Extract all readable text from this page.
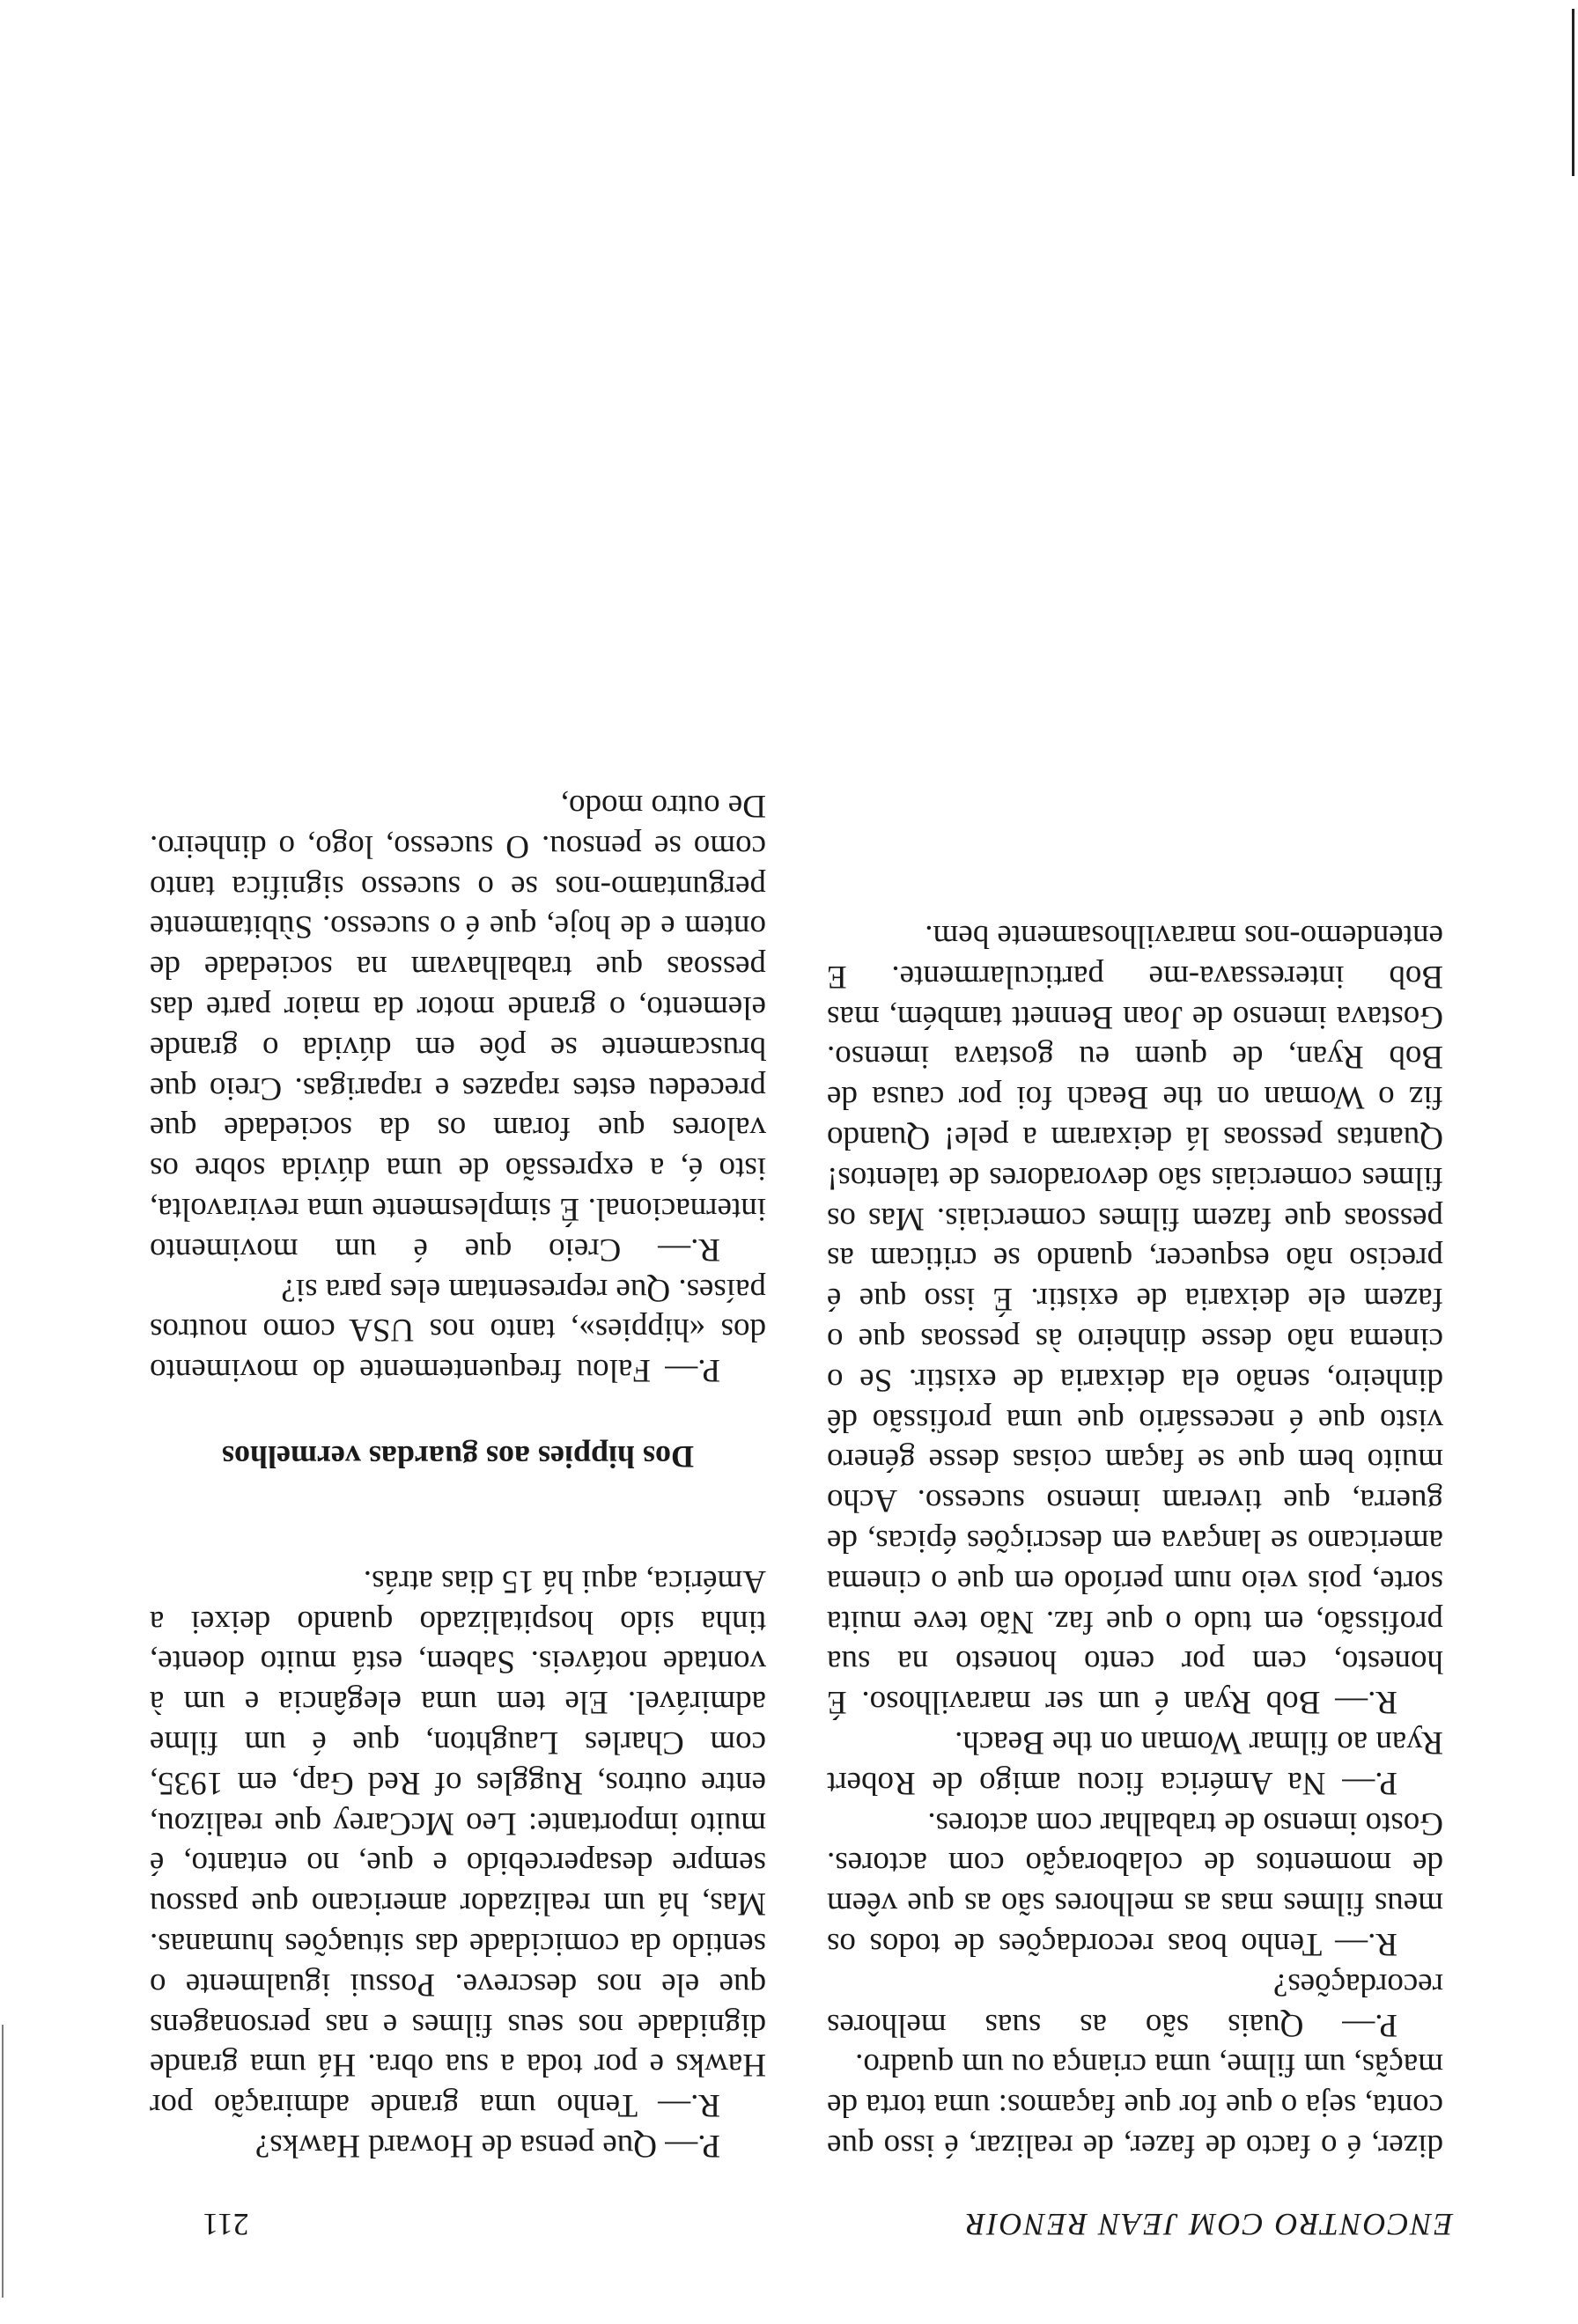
ENCONTRO COM JEAN RENOIR
211

dizer, é o facto de fazer, de realizar, é isso que conta, seja o que for que façamos: uma torta de maçãs, um filme, uma criança ou um quadro.

P.— Quais são as suas melhores recordações?

R.— Tenho boas recordações de todos os meus filmes mas as melhores são as que vêem de momentos de colaboração com actores. Gosto imenso de trabalhar com actores.

P.— Na América ficou amigo de Robert Ryan ao filmar Woman on the Beach.

R.— Bob Ryan é um ser maravilhoso. É honesto, cem por cento honesto na sua profissão, em tudo o que faz. Não teve muita sorte, pois veio num período em que o cinema americano se lançava em descrições épicas, de guerra, que tiveram imenso sucesso. Acho muito bem que se façam coisas desse género visto que é necessário que uma profissão dê dinheiro, senão ela deixaria de existir. Se o cinema não desse dinheiro às pessoas que o fazem ele deixaria de existir. É isso que é preciso não esquecer, quando se criticam as pessoas que fazem filmes comerciais. Mas os filmes comerciais são devoradores de talentos! Quantas pessoas lá deixaram a pele! Quando fiz o Woman on the Beach foi por causa de Bob Ryan, de quem eu gostava imenso. Gostava imenso de Joan Bennett também, mas Bob interessava-me particularmente. E entendemo-nos maravilhosamente bem.

P.— Que pensa de Howard Hawks?

R.— Tenho uma grande admiração por Hawks e por toda a sua obra. Há uma grande dignidade nos seus filmes e nas personagens que ele nos descreve. Possui igualmente o sentido da comicidade das situações humanas. Mas, há um realizador americano que passou sempre desapercebido e que, no entanto, é muito importante: Leo McCarey que realizou, entre outros, Ruggles of Red Gap, em 1935, com Charles Laughton, que é um filme admirável. Ele tem uma elegância e um à vontade notáveis. Sabem, está muito doente, tinha sido hospitalizado quando deixei a América, aqui há 15 dias atrás.

Dos hippies aos guardas vermelhos

P.— Falou frequentemente do movimento dos «hippies», tanto nos USA como noutros países. Que representam eles para si?

R.— Creio que é um movimento internacional. É simplesmente uma reviravolta, isto é, a expressão de uma dúvida sobre os valores que foram os da sociedade que precedeu estes rapazes e raparigas. Creio que bruscamente se pôe em dúvida o grande elemento, o grande motor da maior parte das pessoas que trabalhavam na sociedade de ontem e de hoje, que é o sucesso. Sùbitamente perguntamo-nos se o sucesso significa tanto como se pensou. O sucesso, logo, o dinheiro. De outro modo,
